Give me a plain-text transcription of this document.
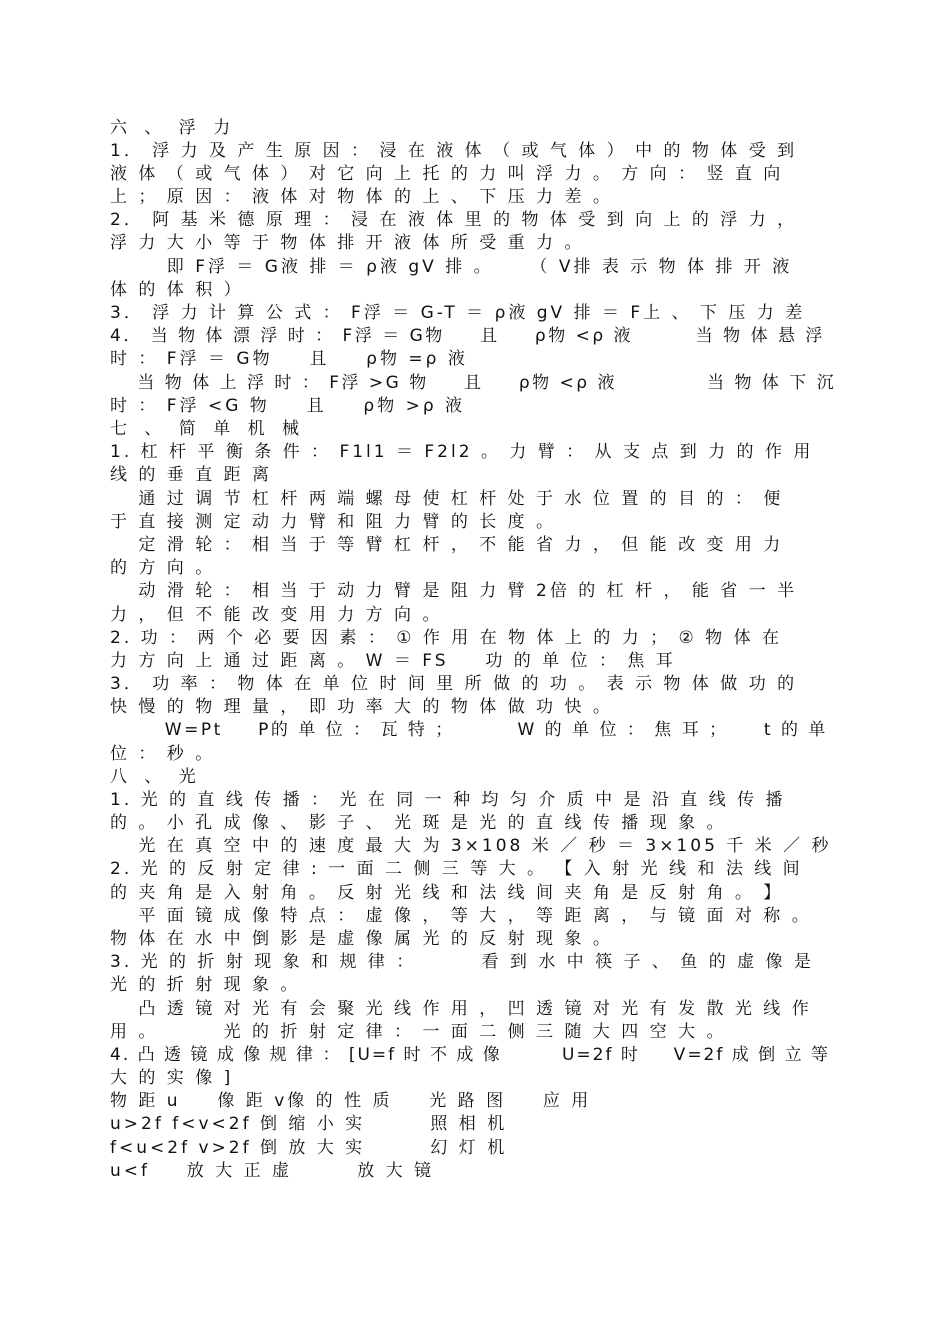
六 、 浮 力
1． 浮 力 及 产 生 原 因 ： 浸 在 液 体 （ 或 气 体 ） 中 的 物 体 受 到
液 体 （ 或 气 体 ） 对 它 向 上 托 的 力 叫 浮 力 。 方 向 ： 竖 直 向
上 ； 原 因 ： 液 体 对 物 体 的 上 、 下 压 力 差 。
2． 阿 基 米 德 原 理 ： 浸 在 液 体 里 的 物 体 受 到 向 上 的 浮 力 ，
浮 力 大 小 等 于 物 体 排 开 液 体 所 受 重 力 。
　 　 即 F浮 ＝ G液 排 ＝ ρ液 gV 排 。 　 （ V排 表 示 物 体 排 开 液
体 的 体 积 ）
3． 浮 力 计 算 公 式 ： F浮 ＝ G-T ＝ ρ液 gV 排 ＝ F上 、 下 压 力 差
4． 当 物 体 漂 浮 时 ： F浮 ＝ G物 　 且 　 ρ物 <ρ 液 　 　 当 物 体 悬 浮
时 ： F浮 ＝ G物 　 且 　 ρ物 =ρ 液
　 当 物 体 上 浮 时 ： F浮 >G 物 　 且 　 ρ物 <ρ 液 　 　 　 当 物 体 下 沉
时 ： F浮 <G 物 　 且 　 ρ物 >ρ 液
七 、 简 单 机 械
1. 杠 杆 平 衡 条 件 ： F1l1 ＝ F2l2 。 力 臂 ： 从 支 点 到 力 的 作 用
线 的 垂 直 距 离
　 通 过 调 节 杠 杆 两 端 螺 母 使 杠 杆 处 于 水 位 置 的 目 的 ： 便
于 直 接 测 定 动 力 臂 和 阻 力 臂 的 长 度 。
　 定 滑 轮 ： 相 当 于 等 臂 杠 杆 ， 不 能 省 力 ， 但 能 改 变 用 力
的 方 向 。
　 动 滑 轮 ： 相 当 于 动 力 臂 是 阻 力 臂 2倍 的 杠 杆 ， 能 省 一 半
力 ， 但 不 能 改 变 用 力 方 向 。
2. 功 ： 两 个 必 要 因 素 ： ① 作 用 在 物 体 上 的 力 ； ② 物 体 在
力 方 向 上 通 过 距 离 。 W ＝ FS 　 功 的 单 位 ： 焦 耳
3． 功 率 ： 物 体 在 单 位 时 间 里 所 做 的 功 。 表 示 物 体 做 功 的
快 慢 的 物 理 量 ， 即 功 率 大 的 物 体 做 功 快 。
　 　 W=Pt 　 P的 单 位 ： 瓦 特 ； 　 　 W 的 单 位 ： 焦 耳 ； 　 t 的 单
位 ： 秒 。
八 、 光
1. 光 的 直 线 传 播 ： 光 在 同 一 种 均 匀 介 质 中 是 沿 直 线 传 播
的 。 小 孔 成 像 、 影 子 、 光 斑 是 光 的 直 线 传 播 现 象 。
　 光 在 真 空 中 的 速 度 最 大 为 3×108 米 ／ 秒 ＝ 3×105 千 米 ／ 秒
2. 光 的 反 射 定 律 : 一 面 二 侧 三 等 大 。 【 入 射 光 线 和 法 线 间
的 夹 角 是 入 射 角 。 反 射 光 线 和 法 线 间 夹 角 是 反 射 角 。 】
　 平 面 镜 成 像 特 点 ： 虚 像 ， 等 大 ， 等 距 离 ， 与 镜 面 对 称 。
物 体 在 水 中 倒 影 是 虚 像 属 光 的 反 射 现 象 。
3. 光 的 折 射 现 象 和 规 律 ： 　 　 看 到 水 中 筷 子 、 鱼 的 虚 像 是
光 的 折 射 现 象 。
　 凸 透 镜 对 光 有 会 聚 光 线 作 用 ， 凹 透 镜 对 光 有 发 散 光 线 作
用 。 　 　 光 的 折 射 定 律 ： 一 面 二 侧 三 随 大 四 空 大 。
4. 凸 透 镜 成 像 规 律 ： [U=f 时 不 成 像 　 　 U=2f 时 　 V=2f 成 倒 立 等
大 的 实 像 ]
物 距 u 　 像 距 v像 的 性 质 　 光 路 图 　 应 用
u>2f f<v<2f 倒 缩 小 实 　 　 照 相 机
f<u<2f v>2f 倒 放 大 实 　 　 幻 灯 机
u<f 　 放 大 正 虚 　 　 放 大 镜
